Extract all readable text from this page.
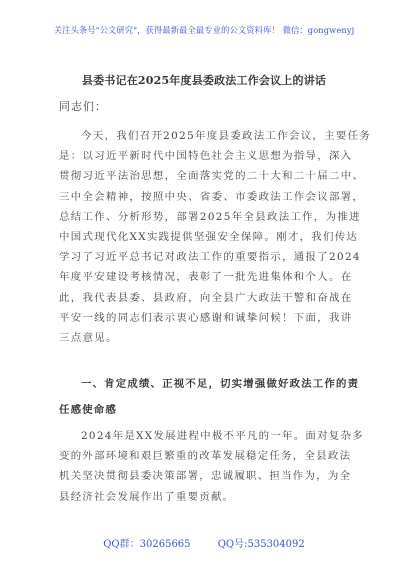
关注头条号"公文研究"，获得最新最全最专业的公文资料库！ 微信：gongwenyj
县委书记在2025年度县委政法工作会议上的讲话
同志们：
今天，我们召开2025年度县委政法工作会议，主要任务
是：以习近平新时代中国特色社会主义思想为指导，深入
贯彻习近平法治思想，全面落实党的二十大和二十届二中、
三中全会精神，按照中央、省委、市委政法工作会议部署，
总结工作、分析形势，部署2025年全县政法工作，为推进
中国式现代化XX实践提供坚强安全保障。刚才，我们传达
学习了习近平总书记对政法工作的重要指示，通报了2024
年度平安建设考核情况，表彰了一批先进集体和个人。在
此，我代表县委、县政府，向全县广大政法干警和奋战在
平安一线的同志们表示衷心感谢和诚挚问候！下面，我讲
三点意见。
一、肯定成绩、正视不足，切实增强做好政法工作的责
任感使命感
2024年是XX发展进程中极不平凡的一年。面对复杂多
变的外部环境和艰巨繁重的改革发展稳定任务，全县政法
机关坚决贯彻县委决策部署，忠诚履职、担当作为，为全
县经济社会发展作出了重要贡献。
QQ群：30265665	QQ号:535304092
